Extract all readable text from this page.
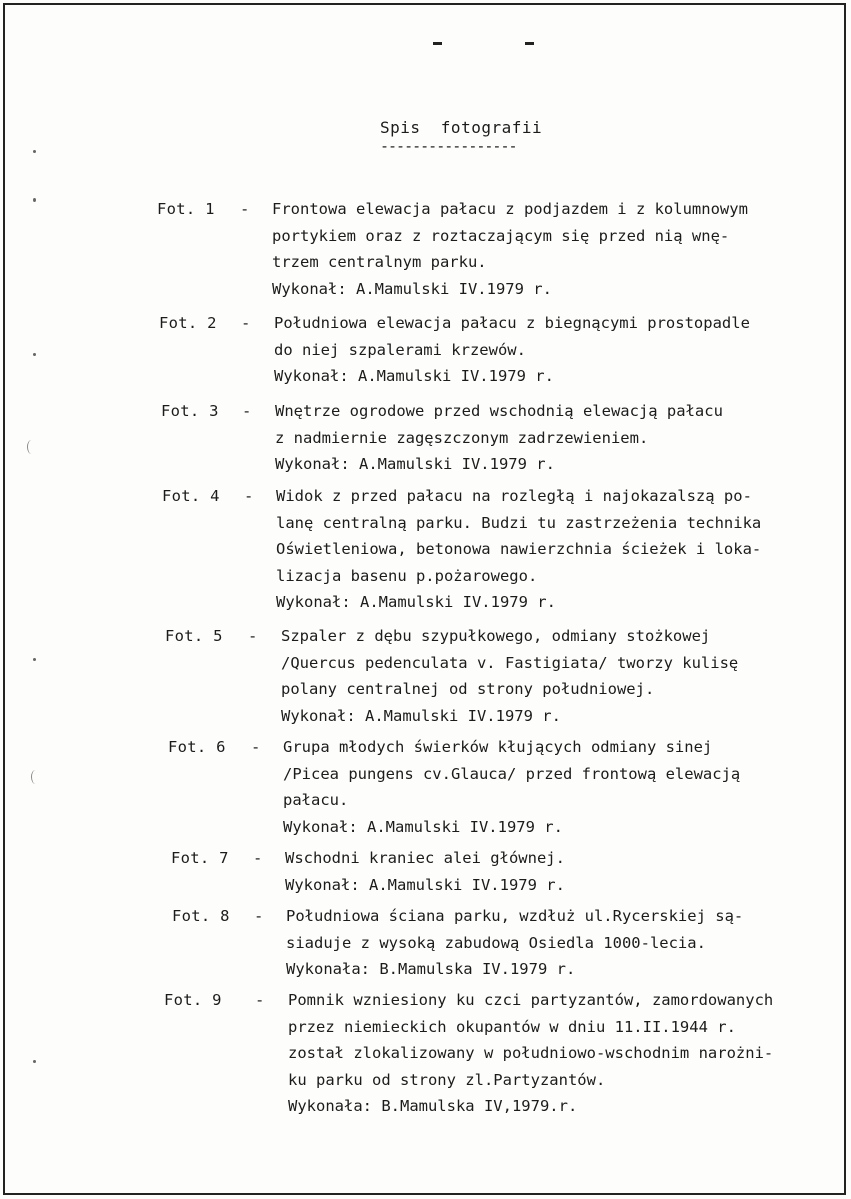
Spis  fotografii
-----------------
Fot. 1 - Frontowa elewacja pałacu z podjazdem i z kolumnowym
portykiem oraz z roztaczającym się przed nią wnę-
trzem centralnym parku.
Wykonał: A.Mamulski IV.1979 r.
Fot. 2 - Południowa elewacja pałacu z biegnącymi prostopadle
do niej szpalerami krzewów.
Wykonał: A.Mamulski IV.1979 r.
Fot. 3 - Wnętrze ogrodowe przed wschodnią elewacją pałacu
z nadmiernie zagęszczonym zadrzewieniem.
Wykonał: A.Mamulski IV.1979 r.
Fot. 4 - Widok z przed pałacu na rozległą i najokazalszą po-
lanę centralną parku. Budzi tu zastrzeżenia technika
Oświetleniowa, betonowa nawierzchnia ścieżek i loka-
lizacja basenu p.pożarowego.
Wykonał: A.Mamulski IV.1979 r.
Fot. 5 - Szpaler z dębu szypułkowego, odmiany stożkowej
/Quercus pedenculata v. Fastigiata/ tworzy kulisę
polany centralnej od strony południowej.
Wykonał: A.Mamulski IV.1979 r.
Fot. 6 - Grupa młodych świerków kłujących odmiany sinej
/Picea pungens cv.Glauca/ przed frontową elewacją
pałacu.
Wykonał: A.Mamulski IV.1979 r.
Fot. 7 - Wschodni kraniec alei głównej.
Wykonał: A.Mamulski IV.1979 r.
Fot. 8 - Południowa ściana parku, wzdłuż ul.Rycerskiej są-
siaduje z wysoką zabudową Osiedla 1000-lecia.
Wykonała: B.Mamulska IV.1979 r.
Fot. 9 - Pomnik wzniesiony ku czci partyzantów, zamordowanych
przez niemieckich okupantów w dniu 11.II.1944 r.
został zlokalizowany w południowo-wschodnim narożni-
ku parku od strony zl.Partyzantów.
Wykonała: B.Mamulska IV,1979.r.
